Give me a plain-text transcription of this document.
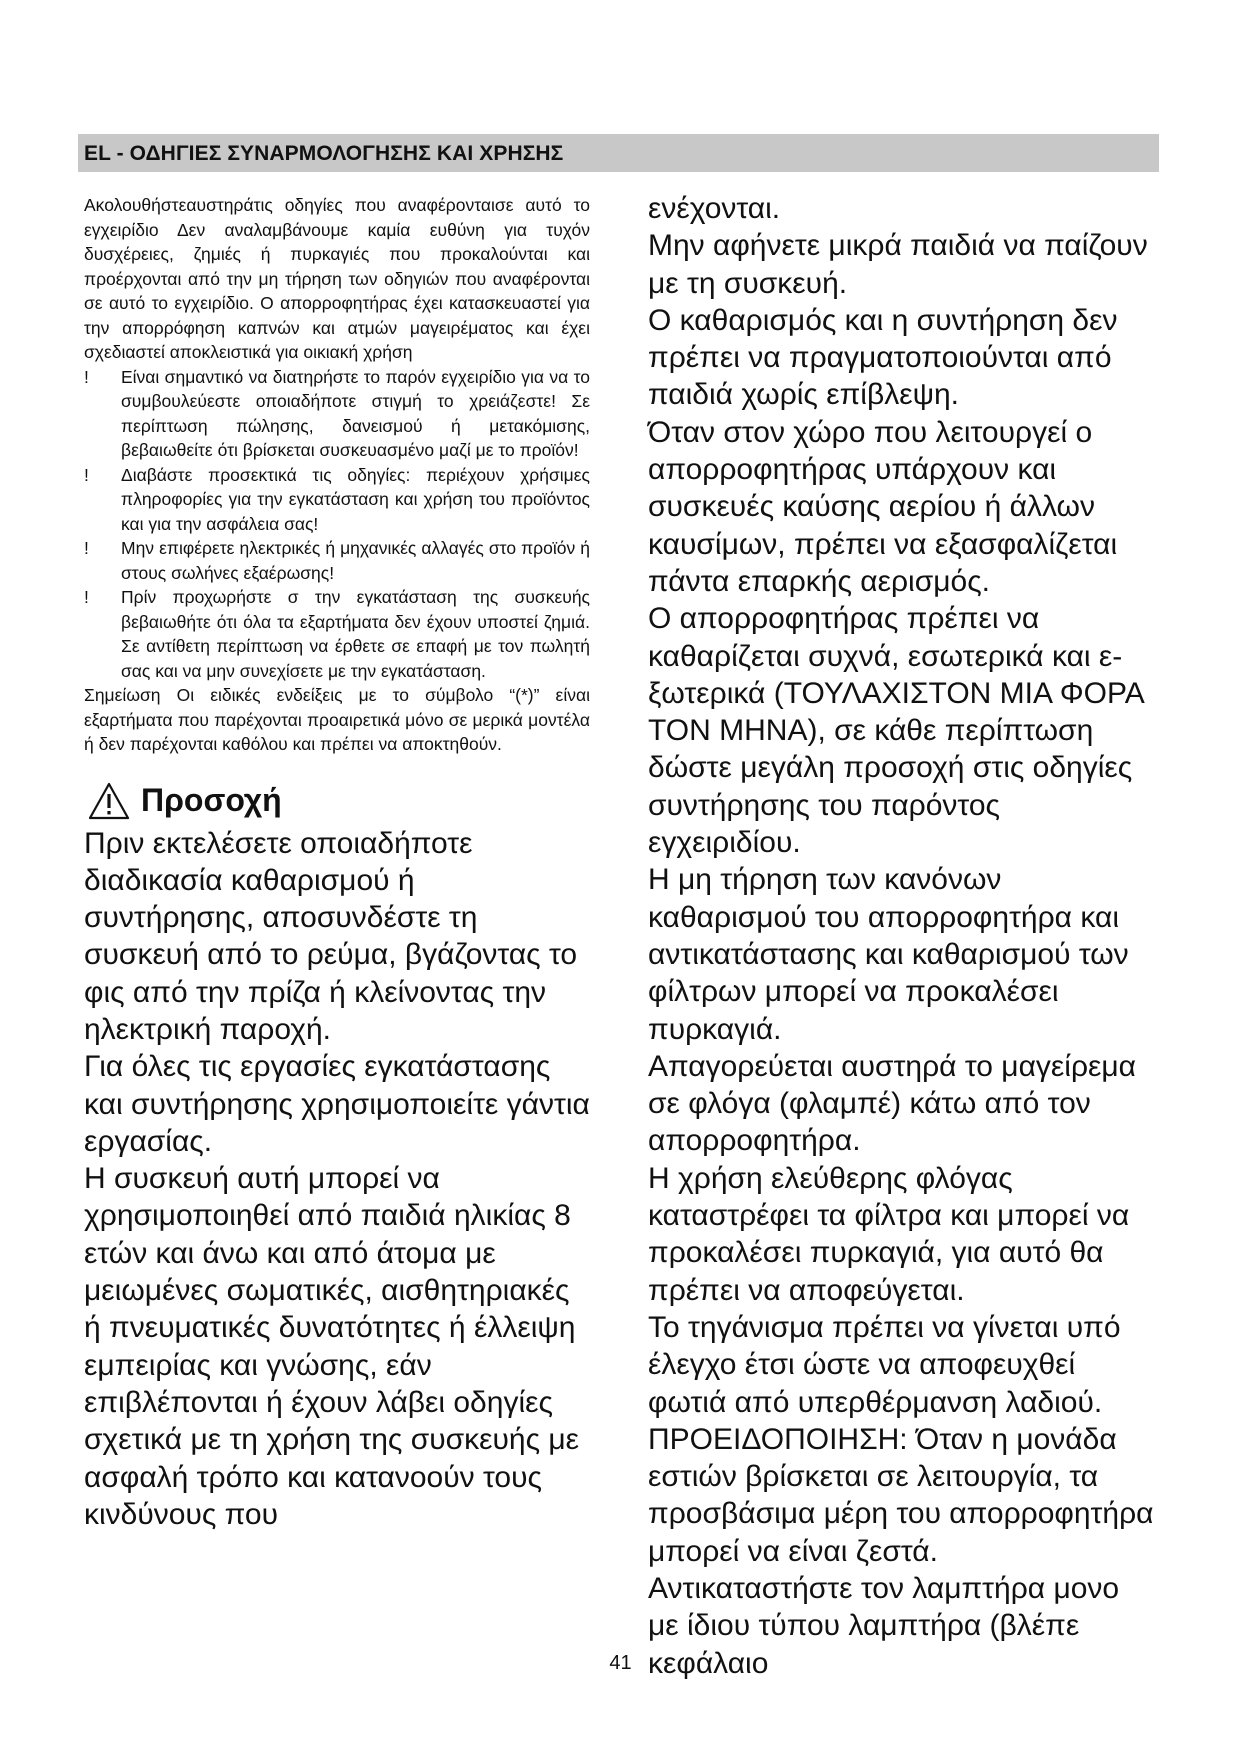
EL - ΟΔΗΓΙΕΣ ΣΥΝΑΡΜΟΛΟΓΗΣΗΣ ΚΑΙ ΧΡΗΣΗΣ

Ακολουθήστεαυστηράτις οδηγίες που αναφέρονταισε αυτό το εγχειρίδιο Δεν αναλαμβάνουμε καμία ευθύνη για τυχόν δυσχέρειες, ζημιές ή πυρκαγιές που προκαλούνται και προέρχονται από την μη τήρηση των οδηγιών που αναφέρονται σε αυτό το εγχειρίδιο. Ο απορροφητήρας έχει κατασκευαστεί για την απορρόφηση καπνών και ατμών μαγειρέματος και έχει σχεδιαστεί αποκλειστικά για οικιακή χρήση

!	Είναι σημαντικό να διατηρήστε το παρόν εγχειρίδιο για να το συμβουλεύεστε οποιαδήποτε στιγμή το χρειάζεστε! Σε περίπτωση πώλησης, δανεισμού ή μετακόμισης, βεβαιωθείτε ότι βρίσκεται συσκευασμένο μαζί με το προϊόν!
!	Διαβάστε προσεκτικά τις οδηγίες: περιέχουν χρήσιμες πληροφορίες για την εγκατάσταση και χρήση του προϊόντος και για την ασφάλεια σας!
!	Μην επιφέρετε ηλεκτρικές ή μηχανικές αλλαγές στο προϊόν ή στους σωλήνες εξαέρωσης!
!	Πρίν προχωρήστε σ την εγκατάσταση της συσκευής βεβαιωθήτε ότι όλα τα εξαρτήματα δεν έχουν υποστεί ζημιά. Σε αντίθετη περίπτωση να έρθετε σε επαφή με τον πωλητή σας και να μην συνεχίσετε με την εγκατάσταση.

Σημείωση Οι ειδικές ενδείξεις με το σύμβολο “(*)” είναι εξαρτήματα που παρέχονται προαιρετικά μόνο σε μερικά μοντέλα ή δεν παρέχονται καθόλου και πρέπει να αποκτηθούν.

Προσοχή

Πριν εκτελέσετε οποιαδήποτε διαδικασία καθαρισμού ή συντήρησης, αποσυνδέστε τη συσκευή από το ρεύμα, βγάζοντας το φις από την πρίζα ή κλείνοντας την ηλεκτρική παροχή.

Για όλες τις εργασίες εγκατάστασης και συντήρησης χρησιμοποιείτε γάντια εργασίας.

Η συσκευή αυτή μπορεί να χρησιμοποιηθεί από παιδιά ηλικίας 8 ετών και άνω και από άτομα με μειωμένες σωματικές, αισθητηριακές ή πνευματικές δυνατότητες ή έλλειψη εμπειρίας και γνώσης, εάν επιβλέπονται ή έχουν λάβει οδηγίες σχετικά με τη χρήση της συσκευής με ασφαλή τρόπο και κατανοούν τους κινδύνους που

ενέχονται.

Μην αφήνετε μικρά παιδιά να παίζουν με τη συσκευή.

Ο καθαρισμός και η συντήρηση δεν πρέπει να πραγματοποιούνται από παιδιά χωρίς επίβλεψη.

Όταν στον χώρο που λειτουργεί ο απορροφητήρας υπάρχουν και συσκευές καύσης αερίου ή άλλων καυσίμων, πρέπει να εξασφαλίζεται πάντα επαρκής αερισμός.

Ο απορροφητήρας πρέπει να καθαρίζεται συχνά, εσωτερικά και ε-ξωτερικά (ΤΟΥΛΑΧΙΣΤΟΝ ΜΙΑ ΦΟΡΑ ΤΟΝ ΜΗΝΑ), σε κάθε περίπτωση δώστε μεγάλη προσοχή στις οδηγίες συντήρησης του παρόντος εγχειριδίου.

Η μη τήρηση των κανόνων καθαρισμού του απορροφητήρα και αντικατάστασης και καθαρισμού των φίλτρων μπορεί να προκαλέσει πυρκαγιά.

Απαγορεύεται αυστηρά το μαγείρεμα σε φλόγα (φλαμπέ) κάτω από τον απορροφητήρα.

Η χρήση ελεύθερης φλόγας καταστρέφει τα φίλτρα και μπορεί να προκαλέσει πυρκαγιά, για αυτό θα πρέπει να αποφεύγεται.

Το τηγάνισμα πρέπει να γίνεται υπό έλεγχο έτσι ώστε να αποφευχθεί φωτιά από υπερθέρμανση λαδιού.

ΠΡΟΕΙΔΟΠΟΙΗΣΗ: Όταν η μονάδα εστιών βρίσκεται σε λειτουργία, τα προσβάσιμα μέρη του απορροφητήρα μπορεί να είναι ζεστά.

Αντικαταστήστε τον λαμπτήρα μονο με ίδιου τύπου λαμπτήρα (βλέπε κεφάλαιο

41
